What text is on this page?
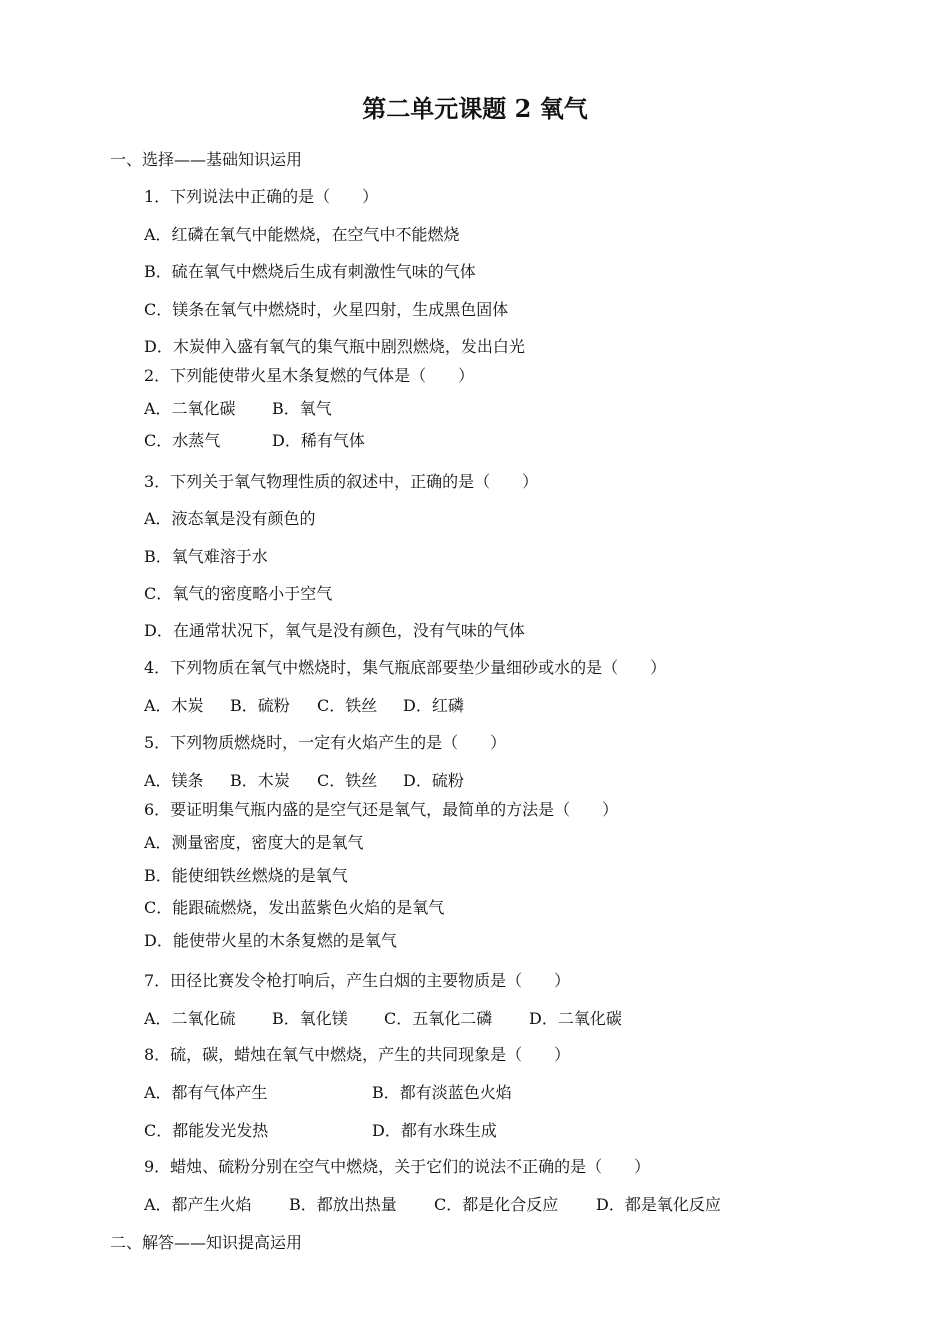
第二单元课题 2 氧气
一、选择——基础知识运用
1．下列说法中正确的是（　　）
A．红磷在氧气中能燃烧，在空气中不能燃烧
B．硫在氧气中燃烧后生成有刺激性气味的气体
C．镁条在氧气中燃烧时，火星四射，生成黑色固体
D．木炭伸入盛有氧气的集气瓶中剧烈燃烧，发出白光
2．下列能使带火星木条复燃的气体是（　　）
A．二氧化碳 B．氧气
C．水蒸气	D．稀有气体
3．下列关于氧气物理性质的叙述中，正确的是（　　）
A．液态氧是没有颜色的
B．氧气难溶于水
C．氧气的密度略小于空气
D．在通常状况下，氧气是没有颜色，没有气味的气体
4．下列物质在氧气中燃烧时，集气瓶底部要垫少量细砂或水的是（　　）
A．木炭 B．硫粉 C．铁丝 D．红磷
5．下列物质燃烧时，一定有火焰产生的是（　　）
A．镁条 B．木炭 C．铁丝 D．硫粉
6．要证明集气瓶内盛的是空气还是氧气，最简单的方法是（　　）
A．测量密度，密度大的是氧气
B．能使细铁丝燃烧的是氧气
C．能跟硫燃烧，发出蓝紫色火焰的是氧气
D．能使带火星的木条复燃的是氧气
7．田径比赛发令枪打响后，产生白烟的主要物质是（　　）
A．二氧化硫 B．氧化镁 C．五氧化二磷 D．二氧化碳
8．硫，碳，蜡烛在氧气中燃烧，产生的共同现象是（　　）
A．都有气体产生	B．都有淡蓝色火焰
C．都能发光发热	D．都有水珠生成
9．蜡烛、硫粉分别在空气中燃烧，关于它们的说法不正确的是（　　）
A．都产生火焰 B．都放出热量 C．都是化合反应 D．都是氧化反应
二、解答——知识提高运用
